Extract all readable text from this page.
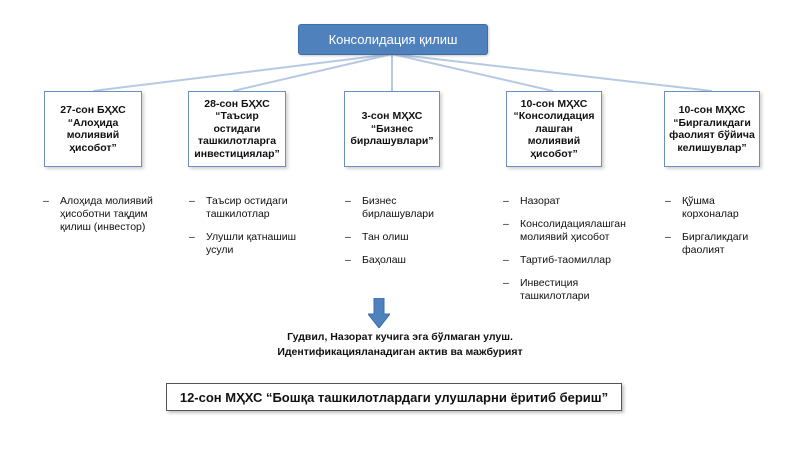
Консолидация қилиш
27-сон БҲХС
“Алоҳида
молиявий
ҳисобот”
28-сон БҲХС
“Таъсир
остидаги
ташкилотларга
инвестициялар”
3-сон МҲХС
“Бизнес
бирлашувлари”
10-сон МҲХС
“Консолидация
лашган
молиявий
ҳисобот”
10-сон МҲХС
“Биргаликдаги
фаолият бўйича
келишувлар”
– Алоҳида молиявий
ҳисоботни тақдим
қилиш (инвестор)
– Таъсир остидаги
ташкилотлар
– Улушли қатнашиш
усули
– Бизнес
бирлашувлари
– Тан олиш
– Баҳолаш
– Назорат
– Консолидациялашган
молиявий ҳисобот
– Тартиб-таомиллар
– Инвестиция
ташкилотлари
– Қўшма
корхоналар
– Биргаликдаги
фаолият
Гудвил, Назорат кучига эга бўлмаган улуш.
Идентификацияланадиган актив ва мажбурият
12-сон МҲХС “Бошқа ташкилотлардаги улушларни ёритиб бериш”
